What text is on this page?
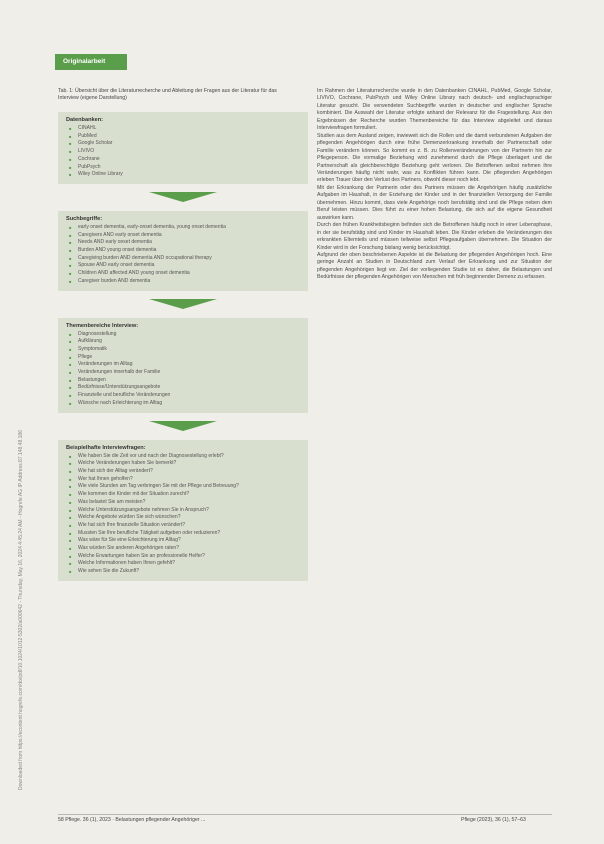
Downloaded from https://econtent.hogrefe.com/doi/pdf/10.1024/1012-5302/a000642 - Thursday, May 16, 2024 4:45:24 AM - Hogrefe AG IP Address:87.148.48.186
Originalarbeit
Tab. 1: Übersicht über die Literaturrecherche und Ableitung der Fragen aus der Literatur für das Interview (eigene Darstellung)
Datenbanken:
■ CINAHL
■ PubMed
■ Google Scholar
■ LIVIVO
■ Cochrane
■ PubPsych
■ Wiley Online Library
Suchbegriffe:
■ early onset dementia, early-onset dementia, young onset dementia
■ Caregivers AND early onset dementia
■ Needs AND early onset dementia
■ Burden AND young onset dementia
■ Caregiving burden AND dementia AND occupational therapy
■ Spouse AND early onset dementia
■ Children AND affected AND young onset dementia
■ Caregiver burden AND dementia
Themenbereiche Interview:
■ Diagnosestellung
■ Aufklärung
■ Symptomatik
■ Pflege
■ Veränderungen im Alltag
■ Veränderungen innerhalb der Familie
■ Belastungen
■ Bedürfnisse/Unterstützungsangebote
■ Finanzielle und berufliche Veränderungen
■ Wünsche nach Erleichterung im Alltag
Beispielhafte Interviewfragen:
■ Wie haben Sie die Zeit vor und nach der Diagnosestellung erlebt?
■ Welche Veränderungen haben Sie bemerkt?
■ Wie hat sich der Alltag verändert?
■ Wer hat Ihnen geholfen?
■ Wie viele Stunden am Tag verbringen Sie mit der Pflege und Betreuung?
■ Wie kommen die Kinder mit der Situation zurecht?
■ Was belastet Sie am meisten?
■ Welche Unterstützungsangebote nehmen Sie in Anspruch?
■ Welche Angebote würden Sie sich wünschen?
■ Wie hat sich Ihre finanzielle Situation verändert?
■ Mussten Sie Ihre berufliche Tätigkeit aufgeben oder reduzieren?
■ Was wäre für Sie eine Erleichterung im Alltag?
■ Was würden Sie anderen Angehörigen raten?
■ Welche Erwartungen haben Sie an professionelle Helfer?
■ Welche Informationen haben Ihnen gefehlt?
■ Wie sehen Sie die Zukunft?

Im Rahmen der Literaturrecherche wurde in den Datenbanken CINAHL, PubMed, Google Scholar, LIVIVO, Cochrane, PubPsych und Wiley Online Library nach deutsch- und englischsprachiger Literatur gesucht. Die verwendeten Suchbegriffe wurden in deutscher und englischer Sprache kombiniert. Die Auswahl der Literatur erfolgte anhand der Relevanz für die Fragestellung. Aus den Ergebnissen der Recherche wurden Themenbereiche für das Interview abgeleitet und daraus Interviewfragen formuliert.

Studien aus dem Ausland zeigen, inwieweit sich die Rollen und die damit verbundenen Aufgaben der pflegenden Angehörigen durch eine frühe Demenzerkrankung innerhalb der Partnerschaft oder Familie verändern können. So kommt es z. B. zu Rollenveränderungen von der Partnerin hin zur Pflegeperson. Die vormalige Beziehung wird zunehmend durch die Pflege überlagert und die Partnerschaft als gleichberechtigte Beziehung geht verloren. Die Betroffenen selbst nehmen ihre Veränderungen häufig nicht wahr, was zu Konflikten führen kann. Die pflegenden Angehörigen erleben Trauer über den Verlust des Partners, obwohl dieser noch lebt.

Mit der Erkrankung der Partnerin oder des Partners müssen die Angehörigen häufig zusätzliche Aufgaben im Haushalt, in der Erziehung der Kinder und in der finanziellen Versorgung der Familie übernehmen. Hinzu kommt, dass viele Angehörige noch berufstätig sind und die Pflege neben dem Beruf leisten müssen. Dies führt zu einer hohen Belastung, die sich auf die eigene Gesundheit auswirken kann.

Durch den frühen Krankheitsbeginn befinden sich die Betroffenen häufig noch in einer Lebensphase, in der sie berufstätig sind und Kinder im Haushalt leben. Die Kinder erleben die Veränderungen des erkrankten Elternteils und müssen teilweise selbst Pflegeaufgaben übernehmen. Die Situation der Kinder wird in der Forschung bislang wenig berücksichtigt.

Aufgrund der oben beschriebenen Aspekte ist die Belastung der pflegenden Angehörigen hoch. Eine geringe Anzahl an Studien in Deutschland zum Verlauf der Erkrankung und zur Situation der pflegenden Angehörigen liegt vor. Ziel der vorliegenden Studie ist es daher, die Belastungen und Bedürfnisse der pflegenden Angehörigen von Menschen mit früh beginnender Demenz zu erfassen.

58 Pflege. 36 (1), 2023 · Belastungen pflegender Angehöriger ...	Pflege (2023), 36 (1), 57–63
